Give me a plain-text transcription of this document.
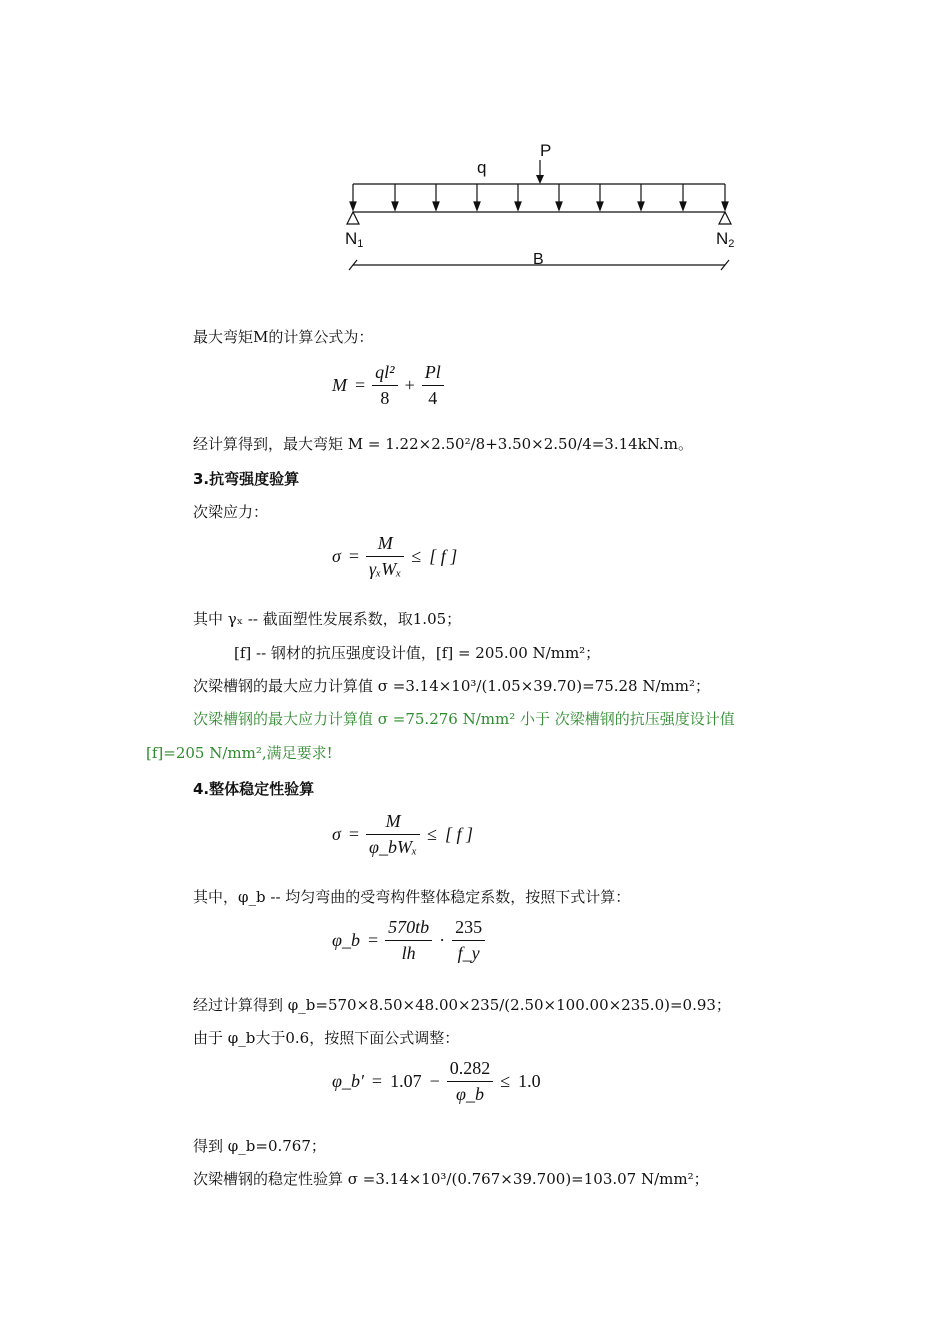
q
P
N1	N2
B
最大弯矩M的计算公式为：
$M = \frac{\text{ql²}}{8} + \frac{Pl}{4}$
经计算得到，最大弯矩 M = 1.22×2.50²/8+3.50×2.50/4=3.14kN.m。
3.抗弯强度验算
次梁应力：
$\sigma = \frac{M}{\text{γₓWₓ}}$ ≤ [ f ]
其中 γₓ -- 截面塑性发展系数，取1.05；
[f] -- 钢材的抗压强度设计值，[f] = 205.00 N/mm²；
次梁槽钢的最大应力计算值 σ =3.14×10³/(1.05×39.70)=75.28 N/mm²；
次梁槽钢的最大应力计算值 σ =75.276 N/mm² 小于 次梁槽钢的抗压强度设计值
[f]=205 N/mm²,满足要求!
4.整体稳定性验算
$\sigma = \frac{M}{\text{φ\_bWₓ}}$ ≤ [ f ]
其中，φ_b -- 均匀弯曲的受弯构件整体稳定系数，按照下式计算：
φ_b = $\frac{570tb}{lh} \cdot \frac{235}{f\_y}$
经过计算得到 φ_b=570×8.50×48.00×235/(2.50×100.00×235.0)=0.93；
由于 φ_b大于0.6，按照下面公式调整：
φ_b′ = $1.07 - \frac{0.282}{\varphi\_b} \le 1.0$
得到 φ_b=0.767；
次梁槽钢的稳定性验算 σ =3.14×10³/(0.767×39.700)=103.07 N/mm²；
